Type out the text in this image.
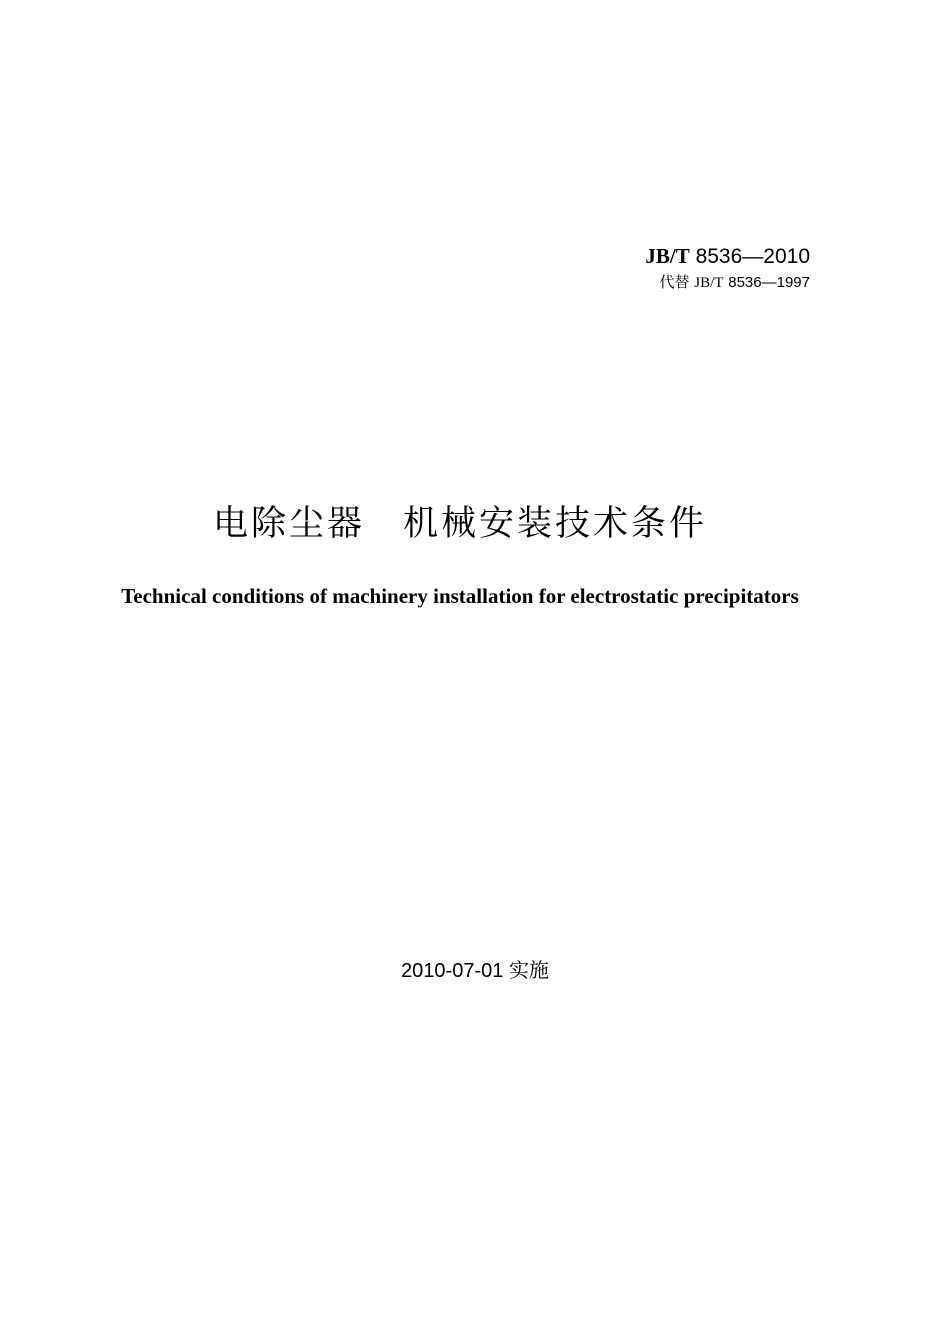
JB/T 8536—2010
代替 JB/T 8536—1997
电除尘器　机械安装技术条件
Technical conditions of machinery installation for electrostatic precipitators
2010-07-01 实施
